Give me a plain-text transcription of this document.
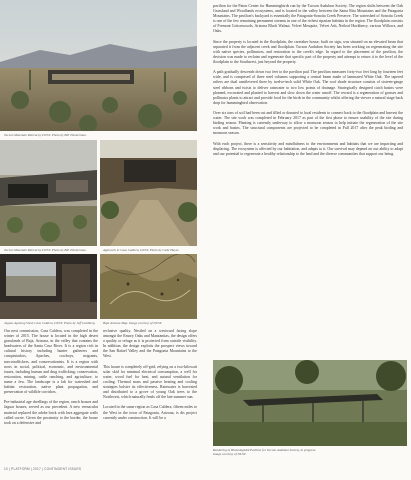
Tucson Mountain Retreat by DUST. Photo by Bill Timmerman.
Tucson Mountain Retreat by DUST. Photo by Bill Timmerman.	Approach to Casa Caldera, DUST. Photo by Cade Hayes.
Jaguar-Ajaxhog Shed, Casa Caldera, DUST. Photo by Jeff Goldberg. Baja Arizona Map. Image courtesy of DUST.

Our next commission, Casa Caldera, was completed in the winter of 2015. The house is located in the high desert grasslands of Baja, Arizona, in the valley that contains the headwaters of the Santa Cruz River. It is a region rich in cultural history including hunter gatherers and conquistadors, Apaches, cowboys, migrants, narcotraffickers, and conservationists. It is a region with roots in social, political, economic, and environmental issues, including human and drug trafficking; conservation, restoration, mining, cattle ranching, and agriculture, to name a few. The landscape is a lab for watershed and habitat restoration, native plant propagation, and preservation of wildlife corridors.

Pre-industrial age dwellings of the region, ranch houses and Jaguar houses, served as our precedent. A new vernacular material replaced the adobe brick with lava aggregate walls called corrie. Given the proximity to the border, the house took on a defensive and

reclusive quality. Nestled on a westward facing slope amongst the Emory Oaks and Manzanitas, the design offers a quality or refuge as it is protected from outside visibility. In addition, the design exploits the prospect views toward the San Rafael Valley and the Patagonia Mountains to the West.

This house is completely off-grid, relying on a two-kilowatt solar skid for minimal electrical consumption, a well for water, wood fuel for heat, and natural ventilation for cooling. Thermal mass and passive heating and cooling strategies bolster its effectiveness. Rainwater is harvested and distributed to a grove of young Oak trees to the Northwest, which naturally fends off the late summer sun.

Located in the same region as Casa Caldera, fifteen miles to the West in the town of Patagonia, Arizona, is dis project currently under construction. It will be a

pavilion for the Paton Center for Hummingbirds run by the Tucson Audubon Society. The region shifts between the Oak Grassland and Woodlands ecosystems, and is located in the valley between the Santa Rita Mountains and the Patagonia Mountains. The pavilion's backyard is essentially the Patagonia-Sonoita Creek Preserve. The watershed of Sonoita Creek is one of the few remaining permanent streams in one of the richest riparian habitats in the region. The floodplain consists of Fremont Cottonwoods, Arizona Black Walnut, Velvet Mesquite, Velvet Ash, Netleaf Hackberry, various Willows, and Oaks.

Since the property is located in the floodplain, the caretaker house, built on sign, was situated on an elevated berm that separated it from the adjacent creek and floodplain. Tucson Audubon Society has been working on regenerating the site with native species, pollinators, and restoration to the creek's edge. In regard to the placement of the pavilion, the decision was made to reclaim and regenerate that specific part of the property and attempt to return it to the level of the floodplain to the Southwest, just beyond the property.

A path gradually descends down two feet to the pavilion pad. The pavilion measures forty-two feet long by fourteen feet wide, and is comprised of three steel columns supporting a central beam made of laminated White Oak. The tapered rafters are dual cantilevered three by twelve-inch solid White Oak. The roof shade structure consists of sixteen-gauge steel ribbons and twists to deliver rainwater to two low points of drainage. Strategically designed catch basins were planned, excavated and planted to harvest and slow down the water runoff. The reward is a regeneration of grasses and pollinator plants to attract and provide food for the birds in the community whilst offering the viewer a natural stage back drop for hummingbird observation.

Over six tons of soil had been cut and filled or donated to local residents to connect back to the floodplain and harvest the water. The site work was completed in February 2017 as part of the first phase to ensure usability of the site during birding season. Planting is currently underway to allow a monsoon season to help initiate the regeneration of the site work and basins. The structural components are projected to be completed in Fall 2017 after the peak birding and monsoon season.

With each project, there is a sensitivity and mindfulness to the environments and habitats that we are impacting and displacing. The ecosystem is affected by our habitation, and adapts to it. Our survival may depend on our ability to adapt and our potential to regenerate a healthy relationship to the land and the diverse communities that support our being.

Rendering of Hummingbird Pavilion for Tucson Audubon Society, in progress. Image courtesy of DUST.
10 | PLATFORM | 2017 | CONTINGENT ISSUES
